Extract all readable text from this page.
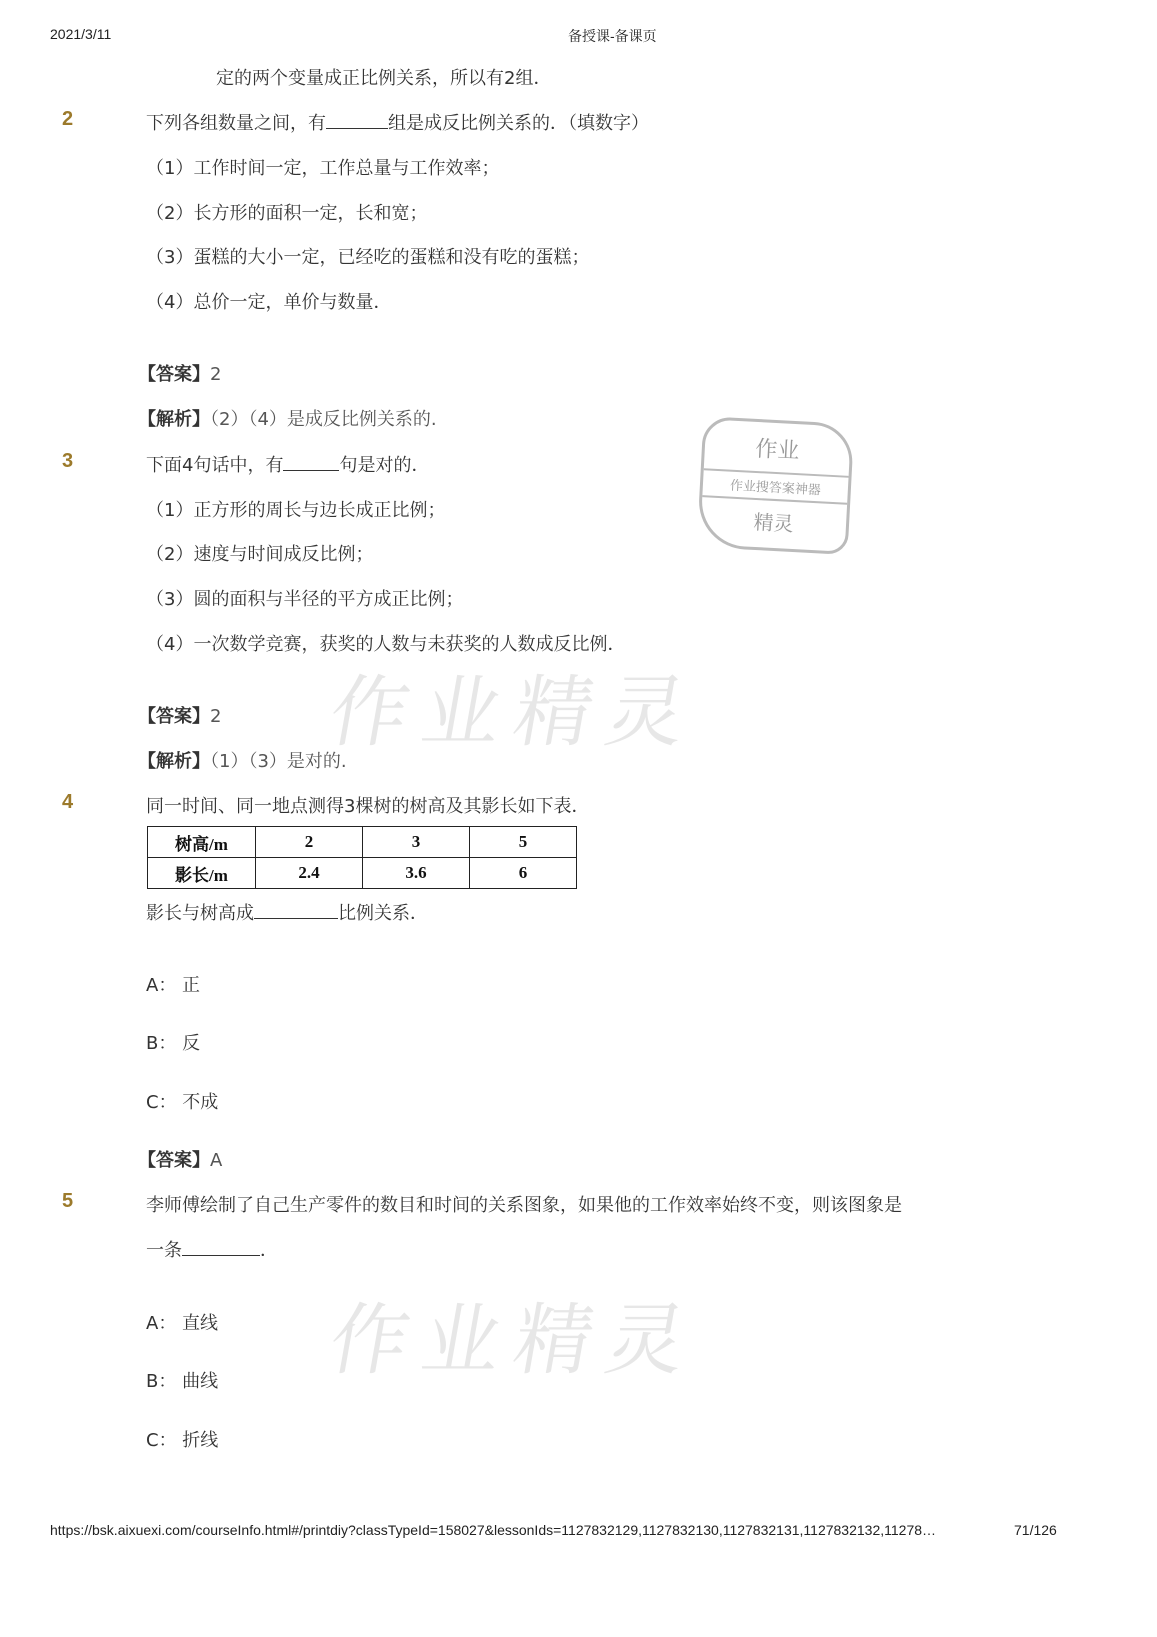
2021/3/11	备授课-备课页
定的两个变量成正比例关系，所以有2组．
2	下列各组数量之间，有	组是成反比例关系的．（填数字）
（1）工作时间一定，工作总量与工作效率；
（2）长方形的面积一定，长和宽；
（3）蛋糕的大小一定，已经吃的蛋糕和没有吃的蛋糕；
（4）总价一定，单价与数量．
【答案】2
【解析】（2）（4）是成反比例关系的.
作业
作业搜答案神器
精灵
3	下面4句话中，有	句是对的．
（1）正方形的周长与边长成正比例；
（2）速度与时间成反比例；
（3）圆的面积与半径的平方成正比例；
（4）一次数学竞赛，获奖的人数与未获奖的人数成反比例．
作业精灵
【答案】2
【解析】（1）（3）是对的.
4	同一时间、同一地点测得3棵树的树高及其影长如下表．
树高/m	2	3	5
影长/m	2.4	3.6	6
影长与树高成	比例关系．
A： 正
B： 反
C： 不成
【答案】A
5	李师傅绘制了自己生产零件的数目和时间的关系图象，如果他的工作效率始终不变，则该图象是
一条	．
作业精灵
A： 直线
B： 曲线
C： 折线
https://bsk.aixuexi.com/courseInfo.html#/printdiy?classTypeId=158027&lessonIds=1127832129,1127832130,1127832131,1127832132,11278…	71/126
